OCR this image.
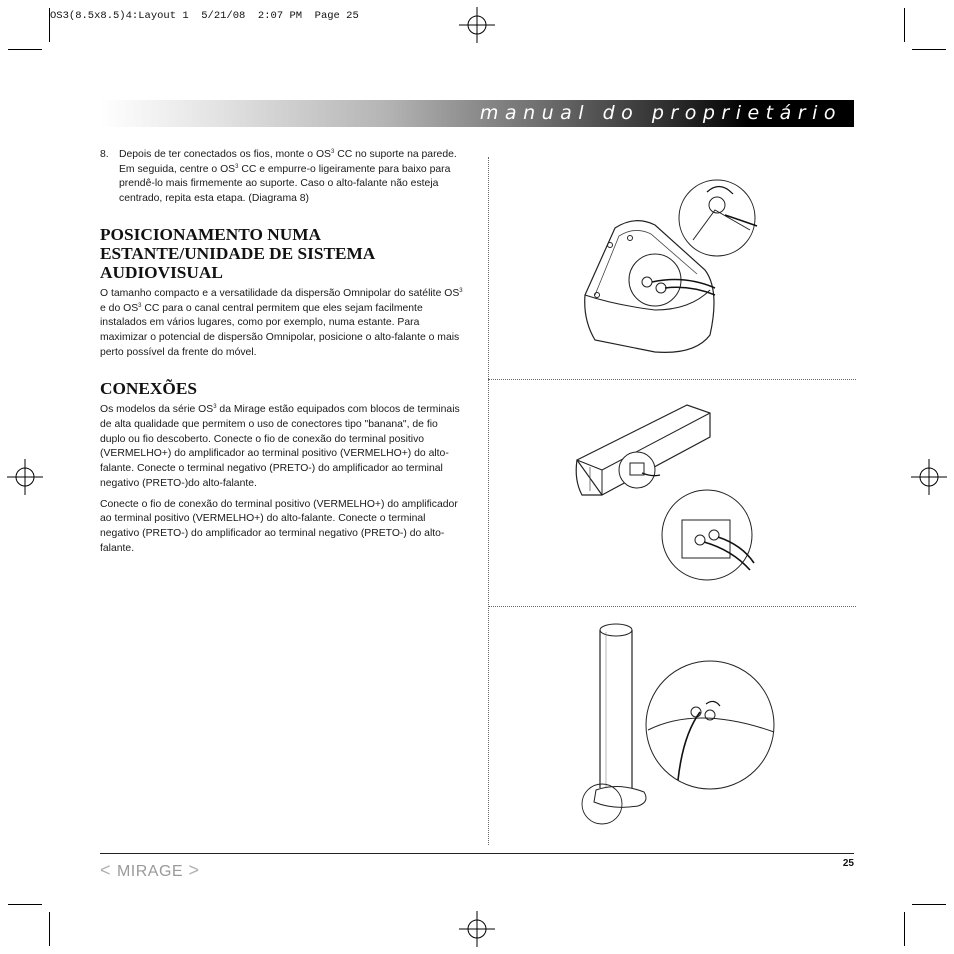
OS3(8.5x8.5)4:Layout 1  5/21/08  2:07 PM  Page 25
manual do proprietário
8. Depois de ter conectados os fios, monte o $OS^3$ CC no suporte na parede. Em seguida, centre o $OS^3$ CC e empurre-o ligeiramente para baixo para prendê-lo mais firmemente ao suporte. Caso o alto-falante não esteja centrado, repita esta etapa. (Diagrama 8)
POSICIONAMENTO NUMA ESTANTE/UNIDADE DE SISTEMA AUDIOVISUAL

O tamanho compacto e a versatilidade da dispersão Omnipolar do satélite $OS^3$ e do $OS^3$ CC para o canal central permitem que eles sejam facilmente instalados em vários lugares, como por exemplo, numa estante. Para maximizar o potencial de dispersão Omnipolar, posicione o alto-falante o mais perto possível da frente do móvel.

CONEXÕES

Os modelos da série $OS^3$ da Mirage estão equipados com blocos de terminais de alta qualidade que permitem o uso de conectores tipo "banana", de fio duplo ou fio descoberto. Conecte o fio de conexão do terminal positivo (VERMELHO+) do amplificador ao terminal positivo (VERMELHO+) do alto-falante. Conecte o terminal negativo (PRETO-) do amplificador ao terminal negativo (PRETO-)do alto-falante.

Conecte o fio de conexão do terminal positivo (VERMELHO+) do amplificador ao terminal positivo (VERMELHO+) do alto-falante. Conecte o terminal negativo (PRETO-) do amplificador ao terminal negativo (PRETO-) do alto-falante.

< MIRAGE >	25
